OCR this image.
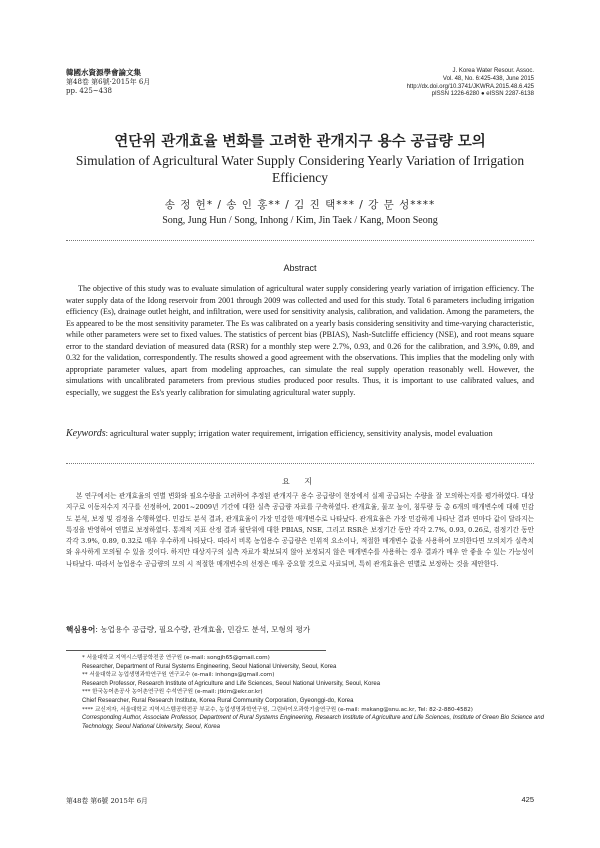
韓國水資源學會論文集
第48卷 第6號·2015年 6月
pp. 425~438
J. Korea Water Resour. Assoc.
Vol. 48, No. 6:425-438, June 2015
http://dx.doi.org/10.3741/JKWRA.2015.48.6.425
pISSN 1226-6280 ● eISSN 2287-6138
연단위 관개효율 변화를 고려한 관개지구 용수 공급량 모의
Simulation of Agricultural Water Supply Considering Yearly Variation of Irrigation Efficiency
송 정 헌* / 송 인 홍** / 김 진 택*** / 강 문 성****
Song, Jung Hun / Song, Inhong / Kim, Jin Taek / Kang, Moon Seong
Abstract
The objective of this study was to evaluate simulation of agricultural water supply considering yearly variation of irrigation efficiency. The water supply data of the Idong reservoir from 2001 through 2009 was collected and used for this study. Total 6 parameters including irrigation efficiency (Es), drainage outlet height, and infiltration, were used for sensitivity analysis, calibration, and validation. Among the parameters, the Es appeared to be the most sensitivity parameter. The Es was calibrated on a yearly basis considering sensitivity and time-varying characteristic, while other parameters were set to fixed values. The statistics of percent bias (PBIAS), Nash-Sutcliffe efficiency (NSE), and root means square error to the standard deviation of measured data (RSR) for a monthly step were 2.7%, 0.93, and 0.26 for the calibration, and 3.9%, 0.89, and 0.32 for the validation, correspondently. The results showed a good agreement with the observations. This implies that the modeling only with appropriate parameter values, apart from modeling approaches, can simulate the real supply operation reasonably well. However, the simulations with uncalibrated parameters from previous studies produced poor results. Thus, it is important to use calibrated values, and especially, we suggest the Es's yearly calibration for simulating agricultural water supply.
Keywords: agricultural water supply; irrigation water requirement, irrigation efficiency, sensitivity analysis, model evaluation
요 지
본 연구에서는 관개효율의 연별 변화와 필요수량을 고려하여 추정된 관개지구 용수 공급량이 현장에서 실제 공급되는 수량을 잘 모의하는지를 평가하였다. 대상지구로 이동저수지 지구를 선정하여, 2001~2009년 기간에 대한 실측 공급량 자료를 구축하였다. 관개효율, 물꼬 높이, 침투량 등 총 6개의 매개변수에 대해 민감도 분석, 보정 및 검정을 수행하였다. 민감도 분석 결과, 관개효율이 가장 민감한 매개변수로 나타났다. 관개효율은 가장 민감하게 나타난 결과 연마다 값이 달라지는 특징을 반영하여 연별로 보정하였다. 통계적 지표 산정 결과 월단위에 대한 PBIAS, NSE, 그리고 RSR은 보정기간 동안 각각 2.7%, 0.93, 0.26로, 검정기간 동안 각각 3.9%, 0.89, 0.32로 매우 우수하게 나타났다. 따라서 비록 농업용수 공급량은 인위적 요소이나, 적절한 매개변수 값을 사용하여 모의한다면 모의치가 실측치와 유사하게 모의될 수 있을 것이다. 하지만 대상지구의 실측 자료가 확보되지 않아 보정되지 않은 매개변수를 사용하는 경우 결과가 매우 안 좋을 수 있는 가능성이 나타났다. 따라서 농업용수 공급량의 모의 시 적절한 매개변수의 선정은 매우 중요할 것으로 사료되며, 특히 관개효율은 연별로 보정하는 것을 제안한다.
핵심용어: 농업용수 공급량, 필요수량, 관개효율, 민감도 분석, 모형의 평가
* 서울대학교 지역시스템공학전공 연구원 (e-mail: songjh65@gmail.com)
Researcher, Department of Rural Systems Engineering, Seoul National University, Seoul, Korea
** 서울대학교 농업생명과학연구원 연구교수 (e-mail: inhongs@gmail.com)
Research Professor, Research Institute of Agriculture and Life Sciences, Seoul National University, Seoul, Korea
*** 한국농어촌공사 농어촌연구원 수석연구원 (e-mail: jtkim@ekr.or.kr)
Chief Researcher, Rural Research Institute, Korea Rural Community Corporation, Gyeonggi-do, Korea
**** 교신저자, 서울대학교 지역시스템공학전공 부교수, 농업생명과학연구원, 그린바이오과학기술연구원 (e-mail: mskang@snu.ac.kr, Tel: 82-2-880-4582)
Corresponding Author, Associate Professor, Department of Rural Systems Engineering, Research Institute of Agriculture and Life Sciences, Institute of Green Bio Science and Technology, Seoul National University, Seoul, Korea
第48卷 第6號 2015年 6月	425
